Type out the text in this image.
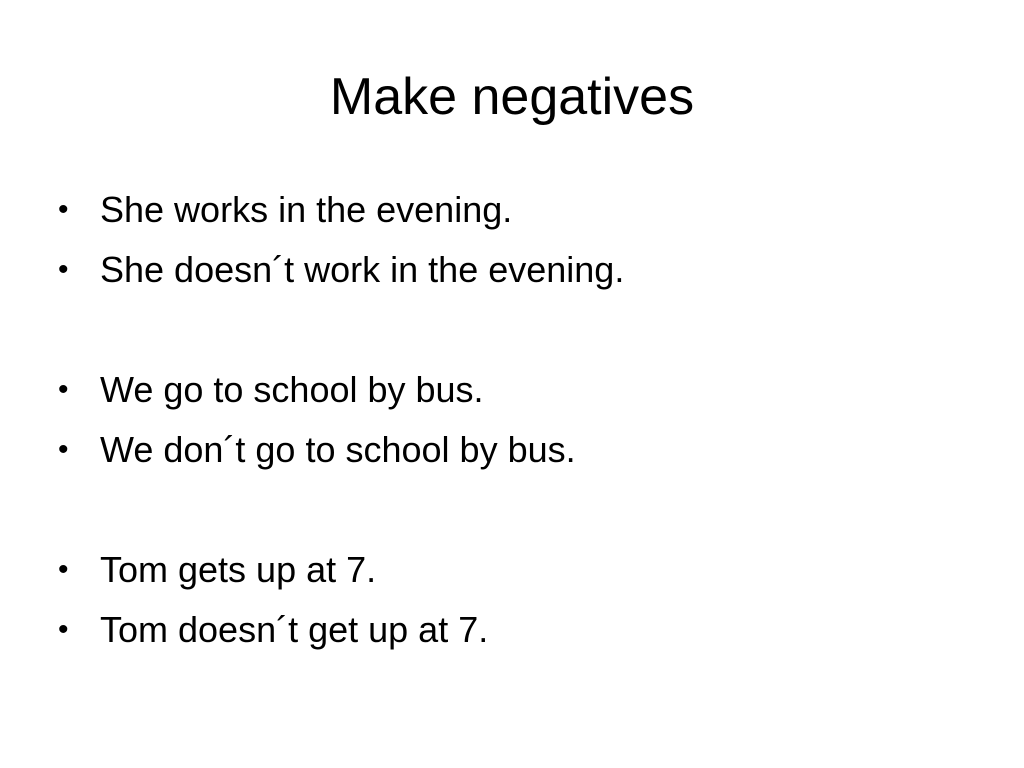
Make negatives
• She works in the evening.
• She doesn´t work in the evening.
• We go to school by bus.
• We don´t go to school by bus.
• Tom gets up at 7.
• Tom doesn´t get up at 7.
